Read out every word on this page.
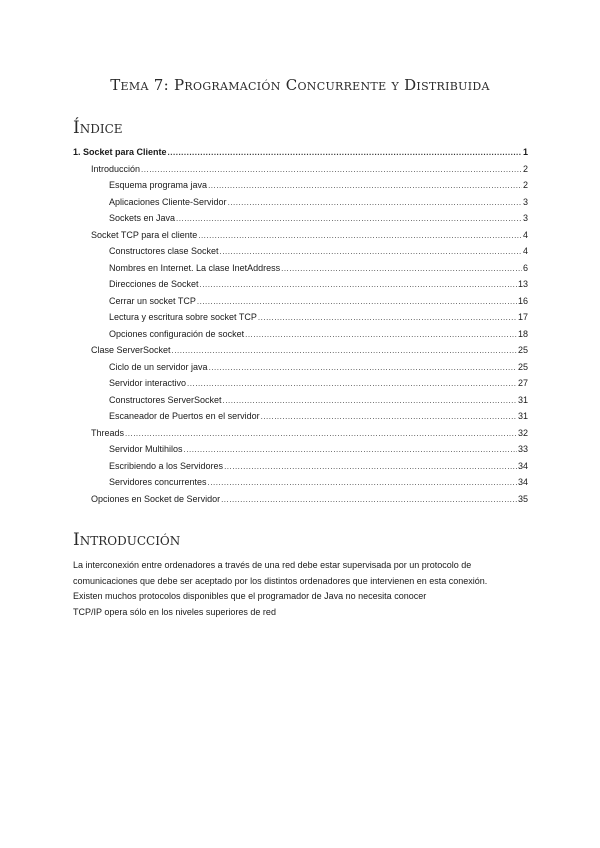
Tema 7: Programación Concurrente y Distribuida
Índice
1. Socket para Cliente .....	1
Introducción .....	2
Esquema programa java .....	2
Aplicaciones Cliente-Servidor .....	3
Sockets en Java .....	3
Socket TCP para el cliente .....	4
Constructores clase Socket .....	4
Nombres en Internet. La clase InetAddress .....	6
Direcciones de Socket .....	13
Cerrar un socket TCP .....	16
Lectura y escritura sobre socket TCP .....	17
Opciones configuración de socket .....	18
Clase ServerSocket .....	25
Ciclo de un servidor java .....	25
Servidor interactivo .....	27
Constructores ServerSocket .....	31
Escaneador de Puertos en el servidor .....	31
Threads .....	32
Servidor Multihilos .....	33
Escribiendo a los Servidores .....	34
Servidores concurrentes .....	34
Opciones en Socket de Servidor .....	35
Introducción

La interconexión entre ordenadores a través de una red debe estar supervisada por un protocolo de comunicaciones que debe ser aceptado por los distintos ordenadores que intervienen en esta conexión.

Existen muchos protocolos disponibles que el programador de Java no necesita conocer

TCP/IP opera sólo en los niveles superiores de red
